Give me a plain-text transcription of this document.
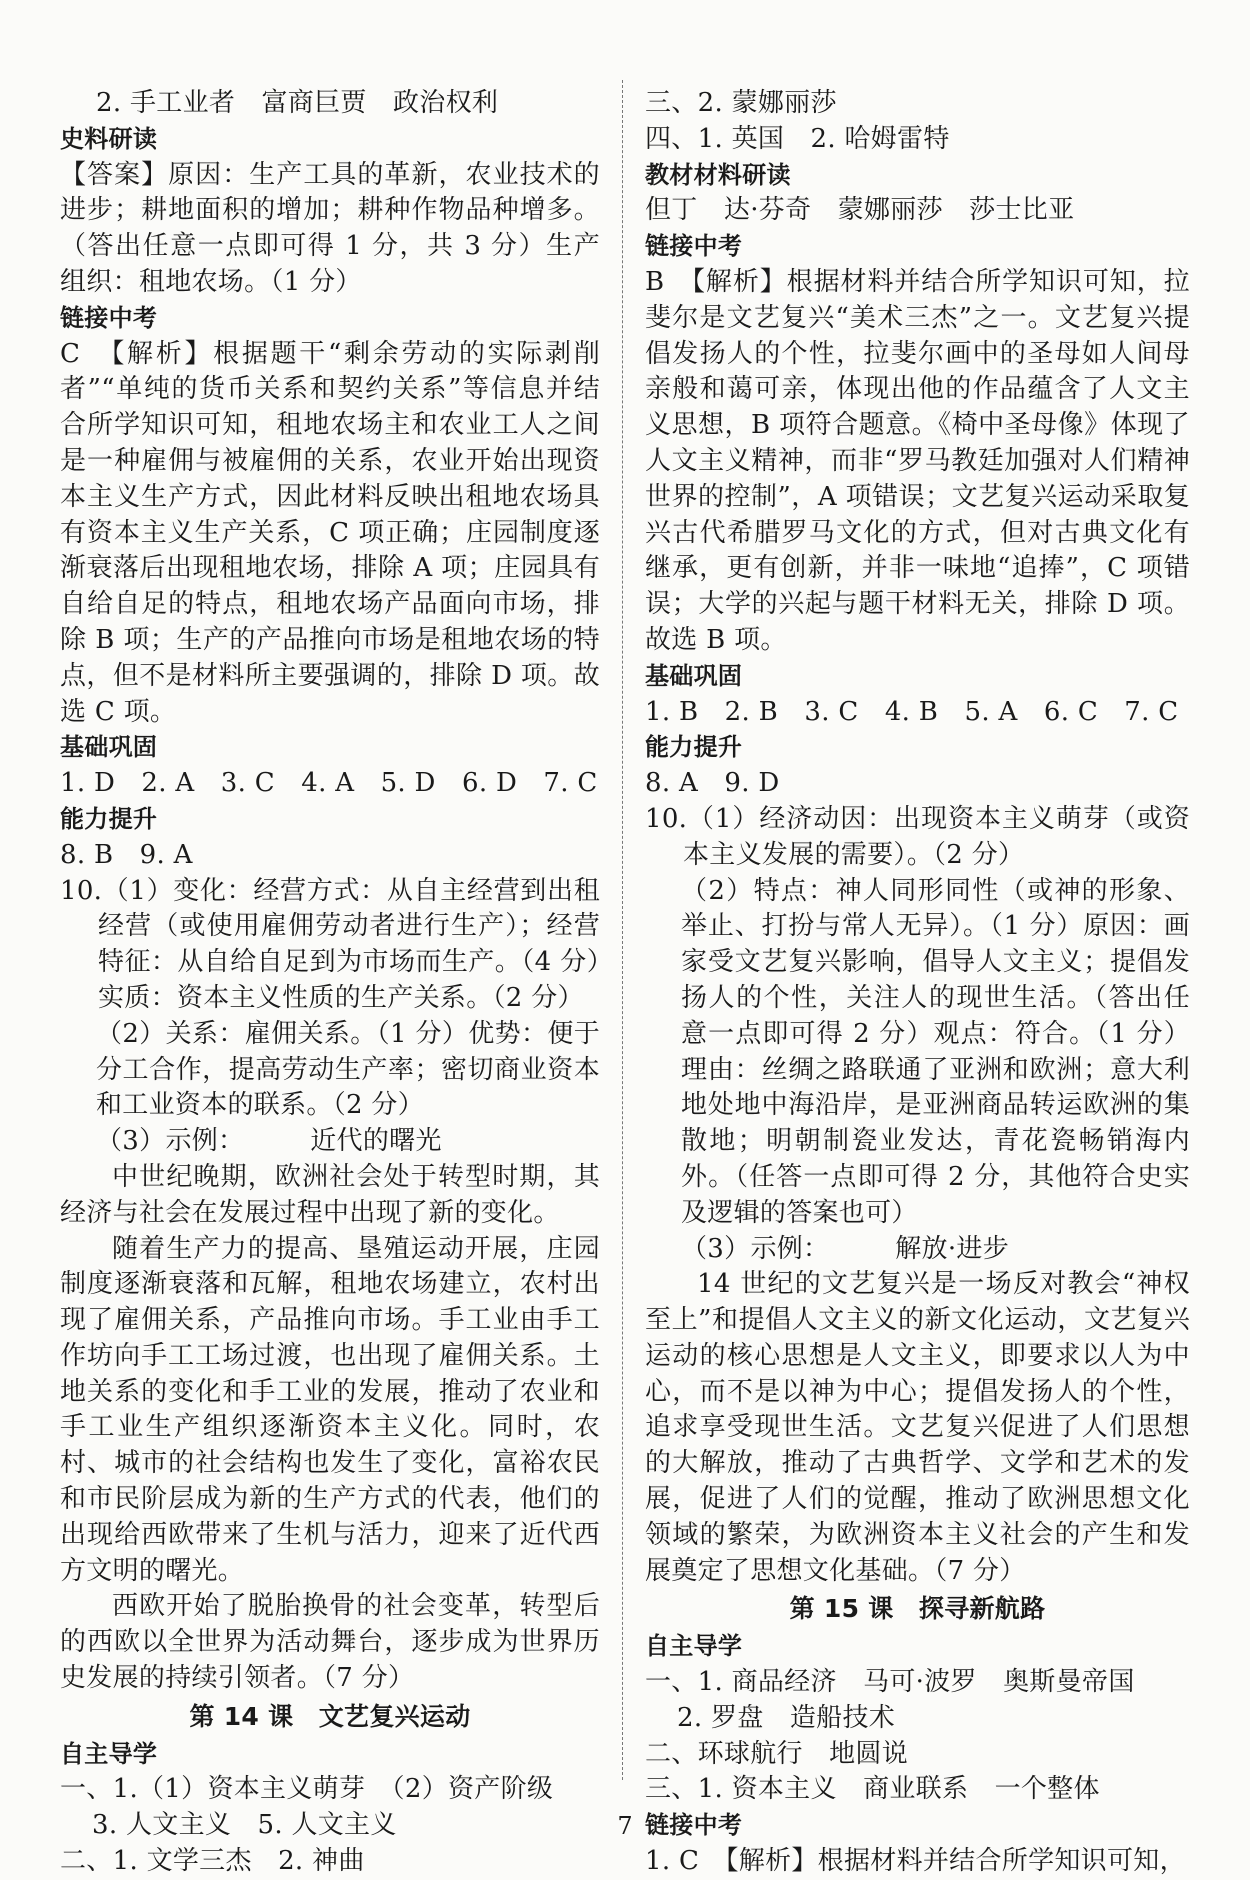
2. 手工业者　富商巨贾　政治权利

史料研读

【答案】原因：生产工具的革新，农业技术的进步；耕地面积的增加；耕种作物品种增多。（答出任意一点即可得 1 分，共 3 分）生产组织：租地农场。（1 分）

链接中考

C　【解析】根据题干“剩余劳动的实际剥削者”“单纯的货币关系和契约关系”等信息并结合所学知识可知，租地农场主和农业工人之间是一种雇佣与被雇佣的关系，农业开始出现资本主义生产方式，因此材料反映出租地农场具有资本主义生产关系，C 项正确；庄园制度逐渐衰落后出现租地农场，排除 A 项；庄园具有自给自足的特点，租地农场产品面向市场，排除 B 项；生产的产品推向市场是租地农场的特点，但不是材料所主要强调的，排除 D 项。故选 C 项。

基础巩固

1. D　2. A　3. C　4. A　5. D　6. D　7. C

能力提升

8. B　9. A

10.（1）变化：经营方式：从自主经营到出租经营（或使用雇佣劳动者进行生产）；经营特征：从自给自足到为市场而生产。（4 分）实质：资本主义性质的生产关系。（2 分）

（2）关系：雇佣关系。（1 分）优势：便于分工合作，提高劳动生产率；密切商业资本和工业资本的联系。（2 分）

（3）示例：　　　近代的曙光

中世纪晚期，欧洲社会处于转型时期，其经济与社会在发展过程中出现了新的变化。

随着生产力的提高、垦殖运动开展，庄园制度逐渐衰落和瓦解，租地农场建立，农村出现了雇佣关系，产品推向市场。手工业由手工作坊向手工工场过渡，也出现了雇佣关系。土地关系的变化和手工业的发展，推动了农业和手工业生产组织逐渐资本主义化。同时，农村、城市的社会结构也发生了变化，富裕农民和市民阶层成为新的生产方式的代表，他们的出现给西欧带来了生机与活力，迎来了近代西方文明的曙光。

西欧开始了脱胎换骨的社会变革，转型后的西欧以全世界为活动舞台，逐步成为世界历史发展的持续引领者。（7 分）

第 14 课　文艺复兴运动

自主导学

一、1.（1）资本主义萌芽　（2）资产阶级

3. 人文主义　5. 人文主义

二、1. 文学三杰　2. 神曲

三、2. 蒙娜丽莎

四、1. 英国　2. 哈姆雷特

教材材料研读

但丁　达·芬奇　蒙娜丽莎　莎士比亚

链接中考

B　【解析】根据材料并结合所学知识可知，拉斐尔是文艺复兴“美术三杰”之一。文艺复兴提倡发扬人的个性，拉斐尔画中的圣母如人间母亲般和蔼可亲，体现出他的作品蕴含了人文主义思想，B 项符合题意。《椅中圣母像》体现了人文主义精神，而非“罗马教廷加强对人们精神世界的控制”，A 项错误；文艺复兴运动采取复兴古代希腊罗马文化的方式，但对古典文化有继承，更有创新，并非一味地“追捧”，C 项错误；大学的兴起与题干材料无关，排除 D 项。故选 B 项。

基础巩固

1. B　2. B　3. C　4. B　5. A　6. C　7. C

能力提升

8. A　9. D

10.（1）经济动因：出现资本主义萌芽（或资本主义发展的需要）。（2 分）

（2）特点：神人同形同性（或神的形象、举止、打扮与常人无异）。（1 分）原因：画家受文艺复兴影响，倡导人文主义；提倡发扬人的个性，关注人的现世生活。（答出任意一点即可得 2 分）观点：符合。（1 分）理由：丝绸之路联通了亚洲和欧洲；意大利地处地中海沿岸，是亚洲商品转运欧洲的集散地；明朝制瓷业发达，青花瓷畅销海内外。（任答一点即可得 2 分，其他符合史实及逻辑的答案也可）

（3）示例：　　　解放·进步

14 世纪的文艺复兴是一场反对教会“神权至上”和提倡人文主义的新文化运动，文艺复兴运动的核心思想是人文主义，即要求以人为中心，而不是以神为中心；提倡发扬人的个性，追求享受现世生活。文艺复兴促进了人们思想的大解放，推动了古典哲学、文学和艺术的发展，促进了人们的觉醒，推动了欧洲思想文化领域的繁荣，为欧洲资本主义社会的产生和发展奠定了思想文化基础。（7 分）

第 15 课　探寻新航路

自主导学

一、1. 商品经济　马可·波罗　奥斯曼帝国

2. 罗盘　造船技术

二、环球航行　地圆说

三、1. 资本主义　商业联系　一个整体

链接中考

1. C　【解析】根据材料并结合所学知识可知，

7
